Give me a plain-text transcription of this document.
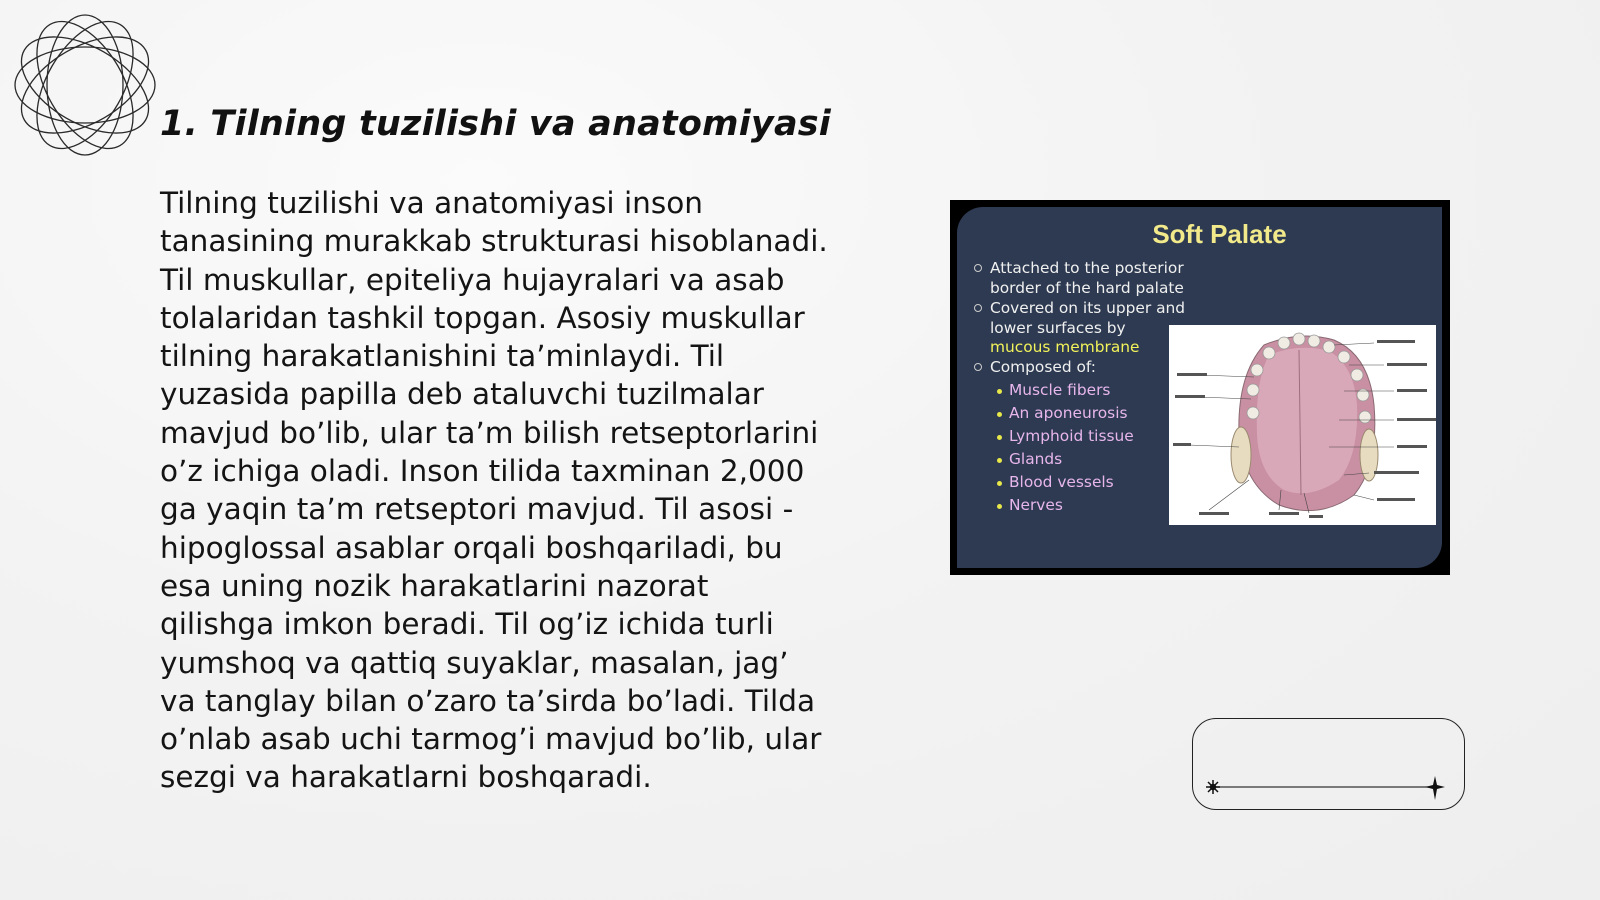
1. Tilning tuzilishi va anatomiyasi

Tilning tuzilishi va anatomiyasi inson tanasining murakkab strukturasi hisoblanadi. Til muskullar, epiteliya hujayralari va asab tolalaridan tashkil topgan. Asosiy muskullar tilning harakatlanishini ta’minlaydi. Til yuzasida papilla deb ataluvchi tuzilmalar mavjud bo’lib, ular ta’m bilish retseptorlarini o’z ichiga oladi. Inson tilida taxminan 2,000 ga yaqin ta’m retseptori mavjud. Til asosi - hipoglossal asablar orqali boshqariladi, bu esa uning nozik harakatlarini nazorat qilishga imkon beradi. Til og’iz ichida turli yumshoq va qattiq suyaklar, masalan, jag’ va tanglay bilan o’zaro ta’sirda bo’ladi. Tilda o’nlab asab uchi tarmog’i mavjud bo’lib, ular sezgi va harakatlarni boshqaradi.

Soft Palate
Attached to the posterior
border of the hard palate
Covered on its upper and
lower surfaces by
mucous membrane
Composed of:
Muscle fibers
An aponeurosis
Lymphoid tissue
Glands
Blood vessels
Nerves
